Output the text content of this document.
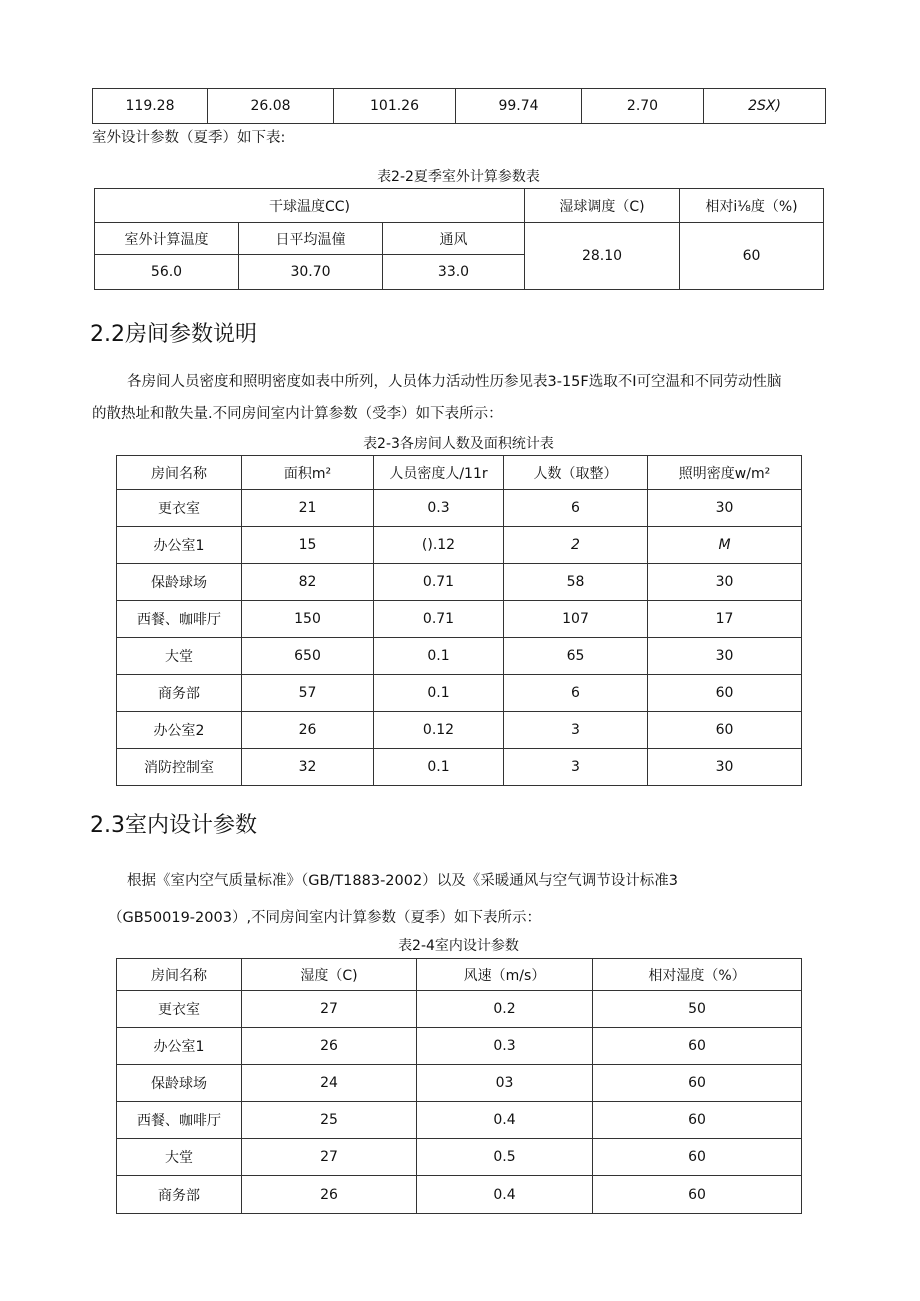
119.28	26.08	101.26	99.74	2.70	2SX)
室外设计参数（夏季）如下表:
表2-2夏季室外计算参数表
干球温度CC)			湿球调度（C)	相对i⅛度（%)
室外计算温度	日平均温僮	通风	28.10	60
56.0	30.70	33.0		
2.2房间参数说明
各房间人员密度和照明密度如表中所列，人员体力活动性历参见表3-15F选取不I可空温和不同劳动性脑
的散热址和散失量.不同房间室内计算参数（受李）如下表所示：
表2-3各房间人数及面积统计表
房间名称	面积m²	人员密度人/11r	人数（取整）	照明密度w/m²
更衣室	21	0.3	6	30
办公室1	15	().12	2	M
保龄球场	82	0.71	58	30
西餐、咖啡厅	150	0.71	107	17
大堂	650	0.1	65	30
商务部	57	0.1	6	60
办公室2	26	0.12	3	60
消防控制室	32	0.1	3	30
2.3室内设计参数
根据《室内空气质量标准》（GB/T1883-2002）以及《采暖通风与空气调节设计标准3
（GB50019-2003）,不同房间室内计算参数（夏季）如下表所示：
表2-4室内设计参数
房间名称	湿度（C)	风速（m/s）	相对湿度（%）
更衣室	27	0.2	50
办公室1	26	0.3	60
保龄球场	24	03	60
西餐、咖啡厅	25	0.4	60
大堂	27	0.5	60
商务部	26	0.4	60
